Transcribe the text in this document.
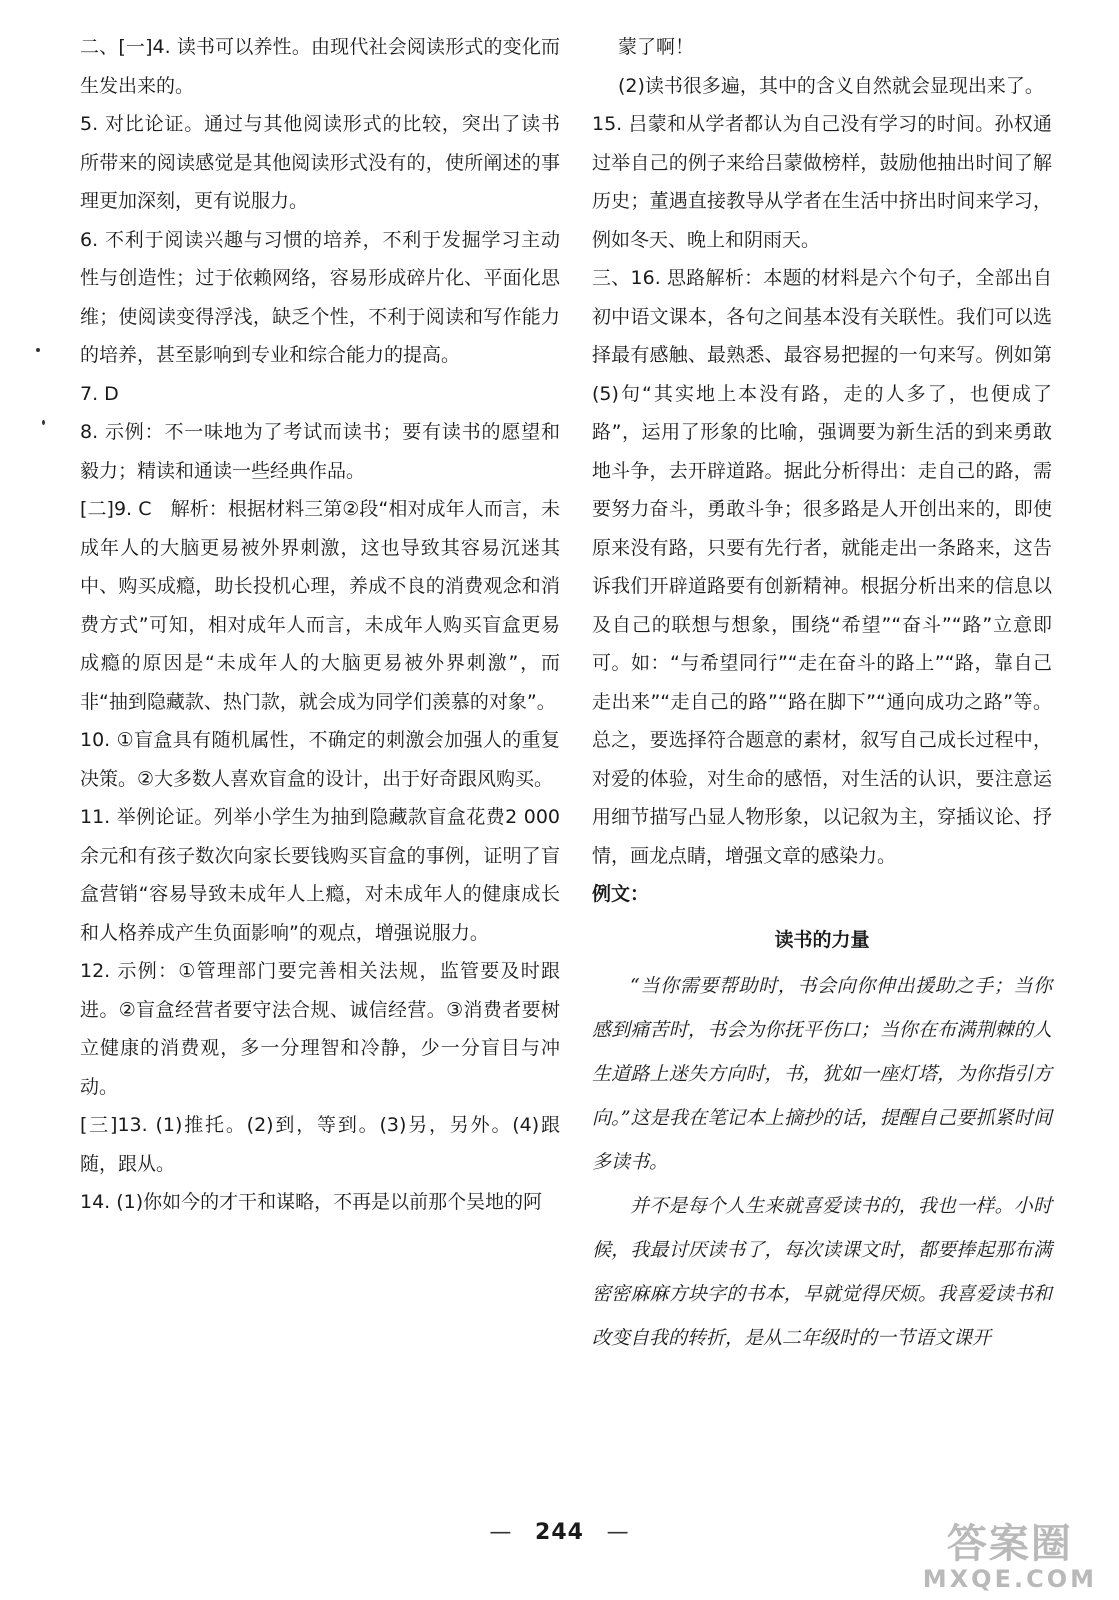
二、[一]4. 读书可以养性。由现代社会阅读形式的变化而生发出来的。

5. 对比论证。通过与其他阅读形式的比较，突出了读书所带来的阅读感觉是其他阅读形式没有的，使所阐述的事理更加深刻，更有说服力。

6. 不利于阅读兴趣与习惯的培养，不利于发掘学习主动性与创造性；过于依赖网络，容易形成碎片化、平面化思维；使阅读变得浮浅，缺乏个性，不利于阅读和写作能力的培养，甚至影响到专业和综合能力的提高。

7. D

8. 示例：不一味地为了考试而读书；要有读书的愿望和毅力；精读和通读一些经典作品。

[二]9. C　解析：根据材料三第②段“相对成年人而言，未成年人的大脑更易被外界刺激，这也导致其容易沉迷其中、购买成瘾，助长投机心理，养成不良的消费观念和消费方式”可知，相对成年人而言，未成年人购买盲盒更易成瘾的原因是“未成年人的大脑更易被外界刺激”，而非“抽到隐藏款、热门款，就会成为同学们羡慕的对象”。

10. ①盲盒具有随机属性，不确定的刺激会加强人的重复决策。②大多数人喜欢盲盒的设计，出于好奇跟风购买。

11. 举例论证。列举小学生为抽到隐藏款盲盒花费2 000余元和有孩子数次向家长要钱购买盲盒的事例，证明了盲盒营销“容易导致未成年人上瘾，对未成年人的健康成长和人格养成产生负面影响”的观点，增强说服力。

12. 示例：①管理部门要完善相关法规，监管要及时跟进。②盲盒经营者要守法合规、诚信经营。③消费者要树立健康的消费观，多一分理智和冷静，少一分盲目与冲动。

[三]13. (1)推托。(2)到，等到。(3)另，另外。(4)跟随，跟从。

14. (1)你如今的才干和谋略，不再是以前那个吴地的阿

蒙了啊！

(2)读书很多遍，其中的含义自然就会显现出来了。

15. 吕蒙和从学者都认为自己没有学习的时间。孙权通过举自己的例子来给吕蒙做榜样，鼓励他抽出时间了解历史；董遇直接教导从学者在生活中挤出时间来学习，例如冬天、晚上和阴雨天。

三、16. 思路解析：本题的材料是六个句子，全部出自初中语文课本，各句之间基本没有关联性。我们可以选择最有感触、最熟悉、最容易把握的一句来写。例如第(5)句“其实地上本没有路，走的人多了，也便成了路”，运用了形象的比喻，强调要为新生活的到来勇敢地斗争，去开辟道路。据此分析得出：走自己的路，需要努力奋斗，勇敢斗争；很多路是人开创出来的，即使原来没有路，只要有先行者，就能走出一条路来，这告诉我们开辟道路要有创新精神。根据分析出来的信息以及自己的联想与想象，围绕“希望”“奋斗”“路”立意即可。如：“与希望同行”“走在奋斗的路上”“路，靠自己走出来”“走自己的路”“路在脚下”“通向成功之路”等。总之，要选择符合题意的素材，叙写自己成长过程中，对爱的体验，对生命的感悟，对生活的认识，要注意运用细节描写凸显人物形象，以记叙为主，穿插议论、抒情，画龙点睛，增强文章的感染力。

例文：

读书的力量

“当你需要帮助时，书会向你伸出援助之手；当你感到痛苦时，书会为你抚平伤口；当你在布满荆棘的人生道路上迷失方向时，书，犹如一座灯塔，为你指引方向。”这是我在笔记本上摘抄的话，提醒自己要抓紧时间多读书。

并不是每个人生来就喜爱读书的，我也一样。小时候，我最讨厌读书了，每次读课文时，都要捧起那布满密密麻麻方块字的书本，早就觉得厌烦。我喜爱读书和改变自我的转折，是从二年级时的一节语文课开

— 244 —	答案圈
MXQE.COM
